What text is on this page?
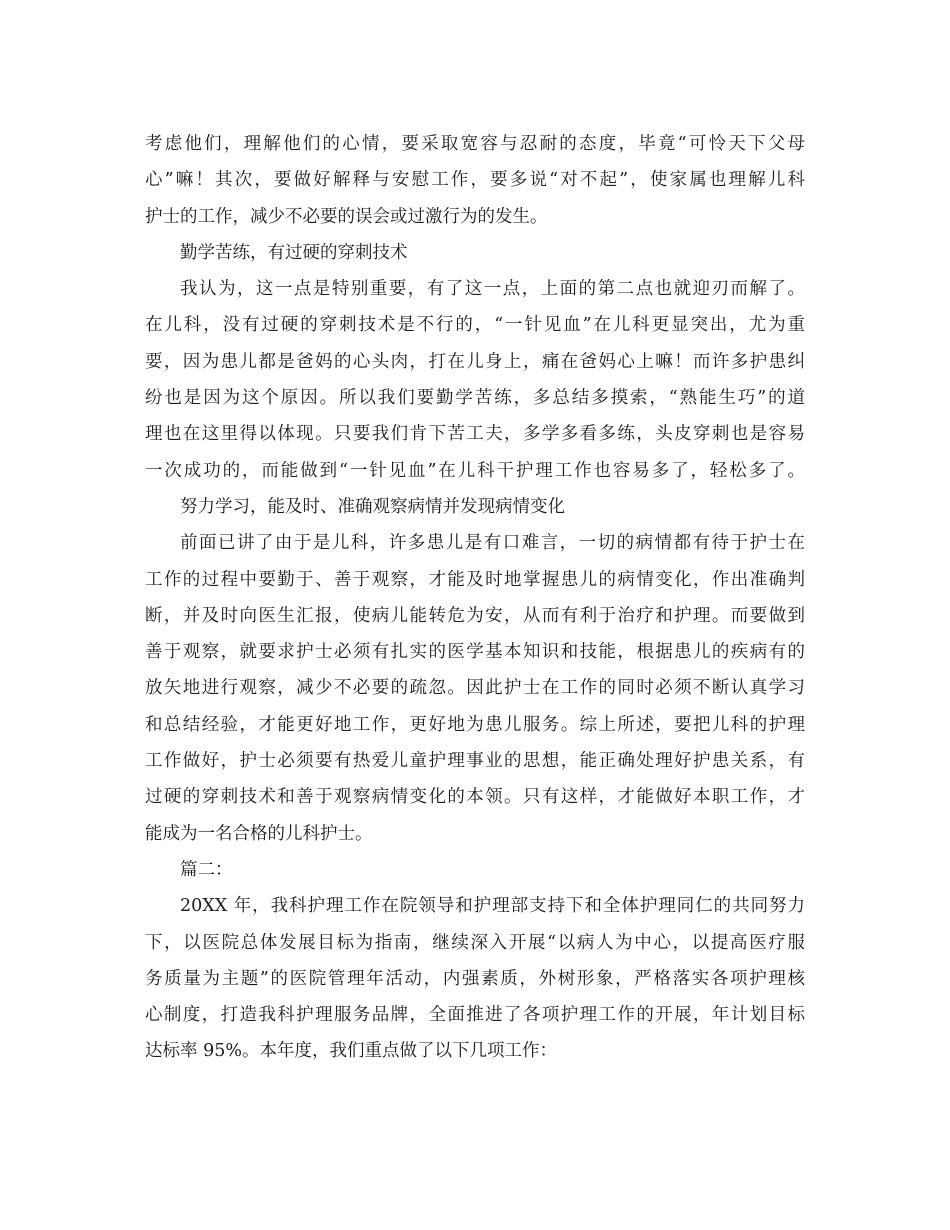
考虑他们，理解他们的心情，要采取宽容与忍耐的态度，毕竟“可怜天下父母
心”嘛！其次，要做好解释与安慰工作，要多说“对不起”，使家属也理解儿科
护士的工作，减少不必要的误会或过激行为的发生。
勤学苦练，有过硬的穿刺技术
我认为，这一点是特别重要，有了这一点，上面的第二点也就迎刃而解了。
在儿科，没有过硬的穿刺技术是不行的，“一针见血”在儿科更显突出，尤为重
要，因为患儿都是爸妈的心头肉，打在儿身上，痛在爸妈心上嘛！而许多护患纠
纷也是因为这个原因。所以我们要勤学苦练，多总结多摸索，“熟能生巧”的道
理也在这里得以体现。只要我们肯下苦工夫，多学多看多练，头皮穿刺也是容易
一次成功的，而能做到“一针见血”在儿科干护理工作也容易多了，轻松多了。
努力学习，能及时、准确观察病情并发现病情变化
前面已讲了由于是儿科，许多患儿是有口难言，一切的病情都有待于护士在
工作的过程中要勤于、善于观察，才能及时地掌握患儿的病情变化，作出准确判
断，并及时向医生汇报，使病儿能转危为安，从而有利于治疗和护理。而要做到
善于观察，就要求护士必须有扎实的医学基本知识和技能，根据患儿的疾病有的
放矢地进行观察，减少不必要的疏忽。因此护士在工作的同时必须不断认真学习
和总结经验，才能更好地工作，更好地为患儿服务。综上所述，要把儿科的护理
工作做好，护士必须要有热爱儿童护理事业的思想，能正确处理好护患关系，有
过硬的穿刺技术和善于观察病情变化的本领。只有这样，才能做好本职工作，才
能成为一名合格的儿科护士。
篇二：
20XX 年，我科护理工作在院领导和护理部支持下和全体护理同仁的共同努力
下，以医院总体发展目标为指南，继续深入开展“以病人为中心，以提高医疗服
务质量为主题”的医院管理年活动，内强素质，外树形象，严格落实各项护理核
心制度，打造我科护理服务品牌，全面推进了各项护理工作的开展，年计划目标
达标率 95%。本年度，我们重点做了以下几项工作：
